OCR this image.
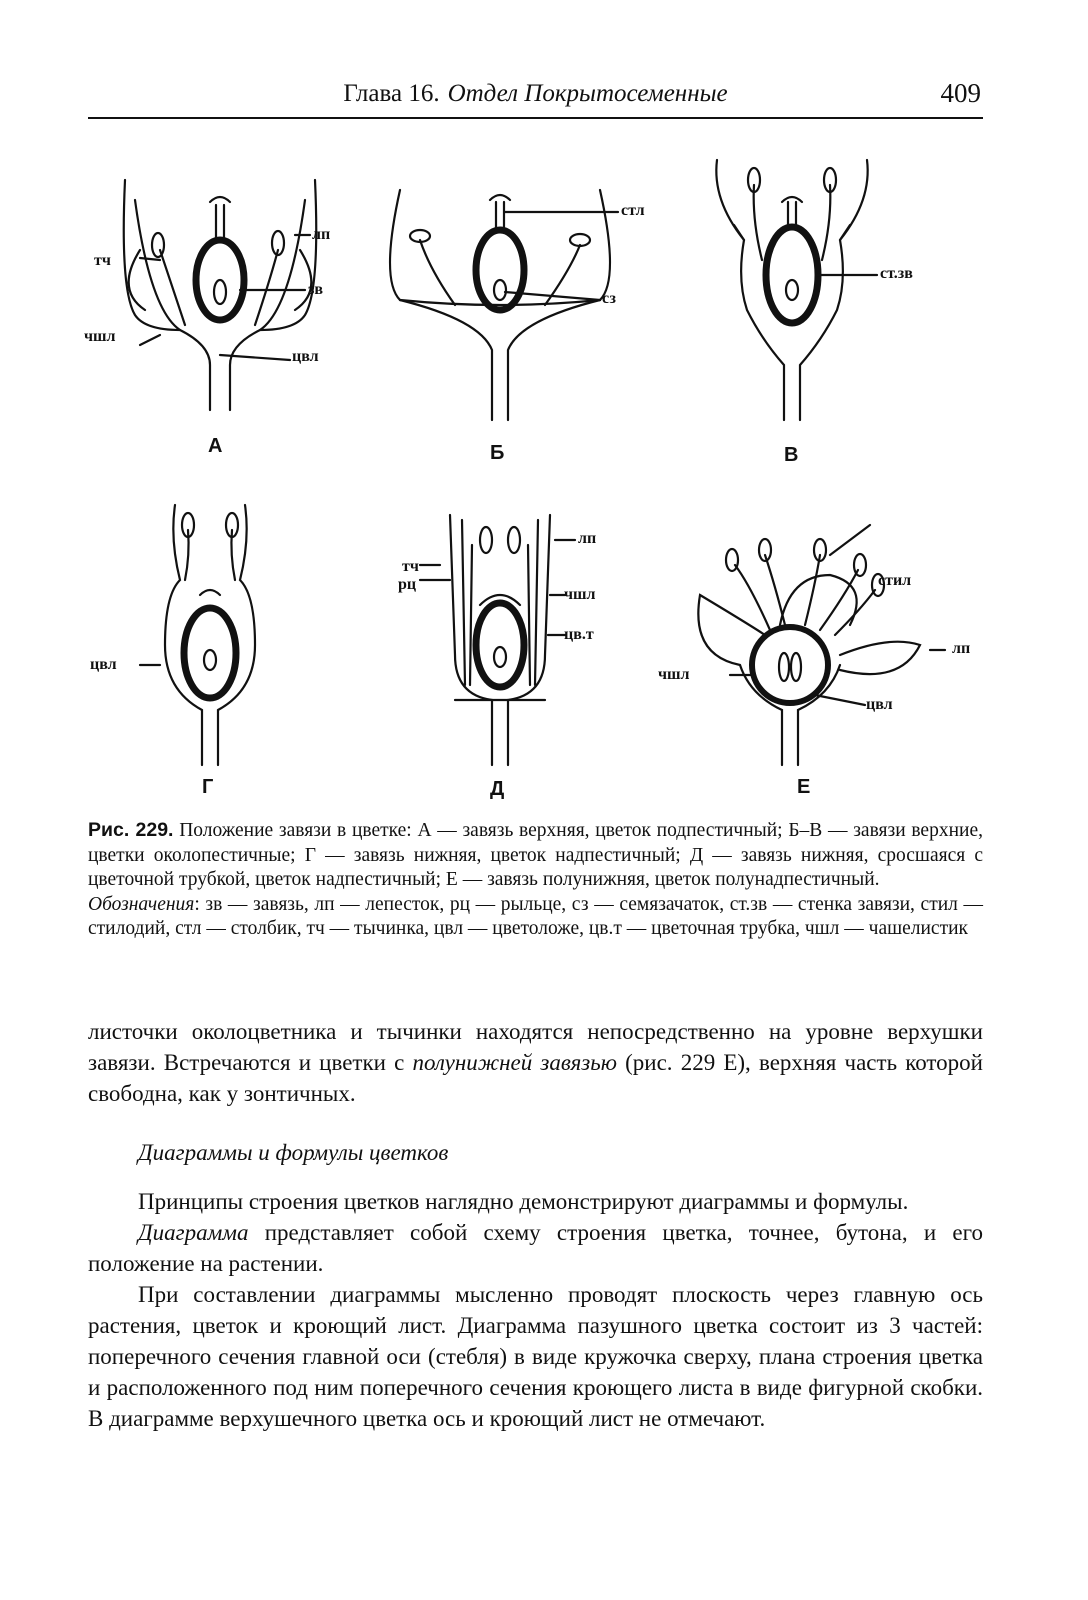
Глава 16. Отдел Покрытосеменные	409
А	Б	В
Г	Д	Е
тч
лп
зв
чшл
цвл
стл
сз
ст.зв
цвл
лп
тч
рц
чшл
цв.т
стил
лп
чшл
цвл

Рис. 229. Положение завязи в цветке: А — завязь верхняя, цветок подпестичный; Б–В — завязи верхние, цветки околопестичные; Г — завязь нижняя, цветок надпестичный; Д — завязь нижняя, сросшаяся с цветочной трубкой, цветок надпестичный; Е — завязь полунижняя, цветок полунадпестичный.

Обозначения: зв — завязь, лп — лепесток, рц — рыльце, сз — семязачаток, ст.зв — стенка завязи, стил — стилодий, стл — столбик, тч — тычинка, цвл — цветоложе, цв.т — цветочная трубка, чшл — чашелистик

листочки околоцветника и тычинки находятся непосредственно на уровне верхушки завязи. Встречаются и цветки с полунижней завязью (рис. 229 Е), верхняя часть которой свободна, как у зонтичных.

Диаграммы и формулы цветков

Принципы строения цветков наглядно демонстрируют диаграммы и формулы.

Диаграмма представляет собой схему строения цветка, точнее, бутона, и его положение на растении.

При составлении диаграммы мысленно проводят плоскость через главную ось растения, цветок и кроющий лист. Диаграмма пазушного цветка состоит из 3 частей: поперечного сечения главной оси (стебля) в виде кружочка сверху, плана строения цветка и расположенного под ним поперечного сечения кроющего листа в виде фигурной скобки. В диаграмме верхушечного цветка ось и кроющий лист не отмечают.
